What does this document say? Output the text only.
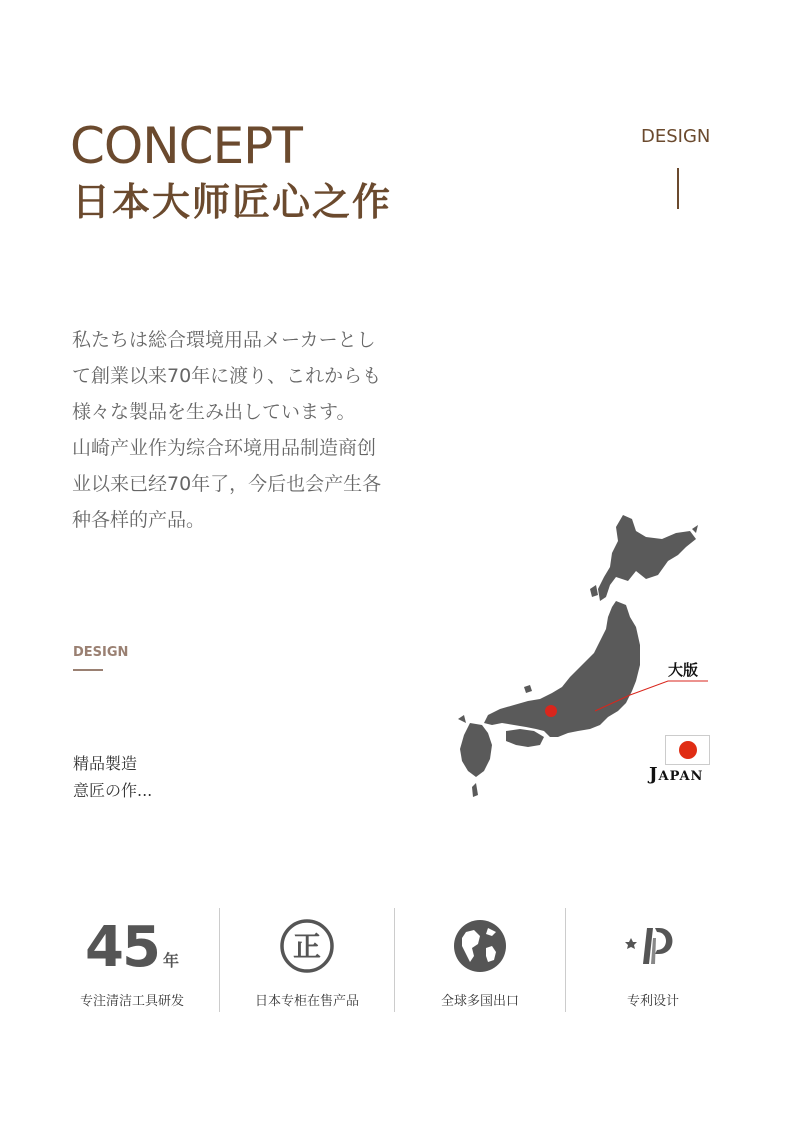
CONCEPT
日本大师匠心之作
DESIGN

私たちは総合環境用品メーカーとし

て創業以来70年に渡り、これからも

様々な製品を生み出しています。

山崎产业作为综合环境用品制造商创

业以来已经70年了，今后也会产生各

种各样的产品。

DESIGN
精品製造
意匠の作...
大版
JAPAN
45 年
专注清洁工具研发
正
日本专柜在售产品	全球多国出口	专利设计
